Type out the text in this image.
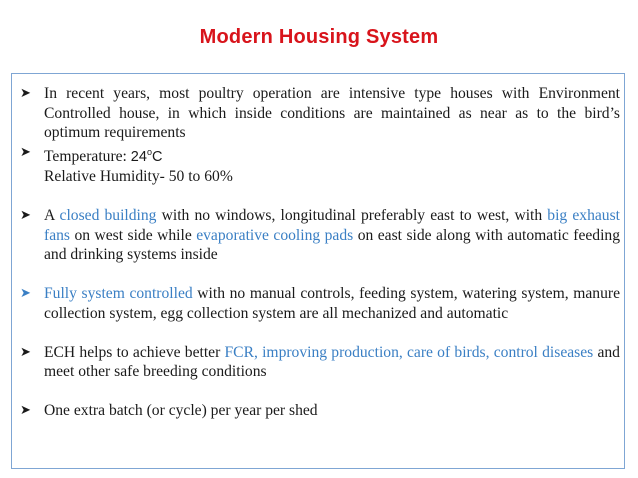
Modern Housing System
➤ In recent years, most poultry operation are intensive type houses with Environment Controlled house, in which inside conditions are maintained as near as to the bird’s optimum requirements
➤ Temperature: 24$^o$C
Relative Humidity- 50 to 60%
➤ A closed building with no windows, longitudinal preferably east to west, with big exhaust fans on west side while evaporative cooling pads on east side along with automatic feeding and drinking systems inside
➤ Fully system controlled with no manual controls, feeding system, watering system, manure collection system, egg collection system are all mechanized and automatic
➤ ECH helps to achieve better FCR, improving production, care of birds, control diseases and meet other safe breeding conditions
➤ One extra batch (or cycle) per year per shed
